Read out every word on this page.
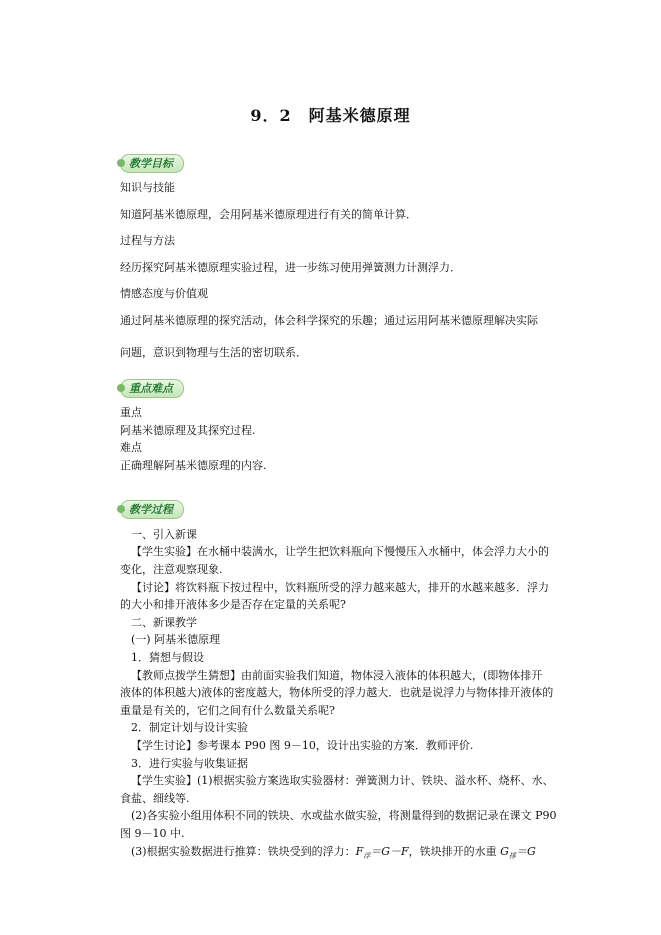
9．2　阿基米德原理
教学目标
知识与技能
知道阿基米德原理，会用阿基米德原理进行有关的简单计算．
过程与方法
经历探究阿基米德原理实验过程，进一步练习使用弹簧测力计测浮力．
情感态度与价值观
通过阿基米德原理的探究活动，体会科学探究的乐趣；通过运用阿基米德原理解决实际
问题，意识到物理与生活的密切联系．
重点难点
重点
阿基米德原理及其探究过程.
难点
正确理解阿基米德原理的内容.
教学过程
一、引入新课
【学生实验】在水桶中装满水，让学生把饮料瓶向下慢慢压入水桶中，体会浮力大小的
变化，注意观察现象.
【讨论】将饮料瓶下按过程中，饮料瓶所受的浮力越来越大，排开的水越来越多．浮力
的大小和排开液体多少是否存在定量的关系呢?
二、新课教学
(一) 阿基米德原理
1．猜想与假设
【教师点拨学生猜想】由前面实验我们知道，物体浸入液体的体积越大，(即物体排开
液体的体积越大)液体的密度越大，物体所受的浮力越大．也就是说浮力与物体排开液体的
重量是有关的，它们之间有什么数量关系呢?
2．制定计划与设计实验
【学生讨论】参考课本 P90 图 9－10，设计出实验的方案．教师评价.
3．进行实验与收集证据
【学生实验】(1)根据实验方案选取实验器材：弹簧测力计、铁块、溢水杯、烧杯、水、
食盐、细线等.
(2)各实验小组用体积不同的铁块、水或盐水做实验，将测量得到的数据记录在课文 P90
图 9－10 中.
(3)根据实验数据进行推算：铁块受到的浮力：$F_浮=G-F$，铁块排开的水重 $G_排=G$
